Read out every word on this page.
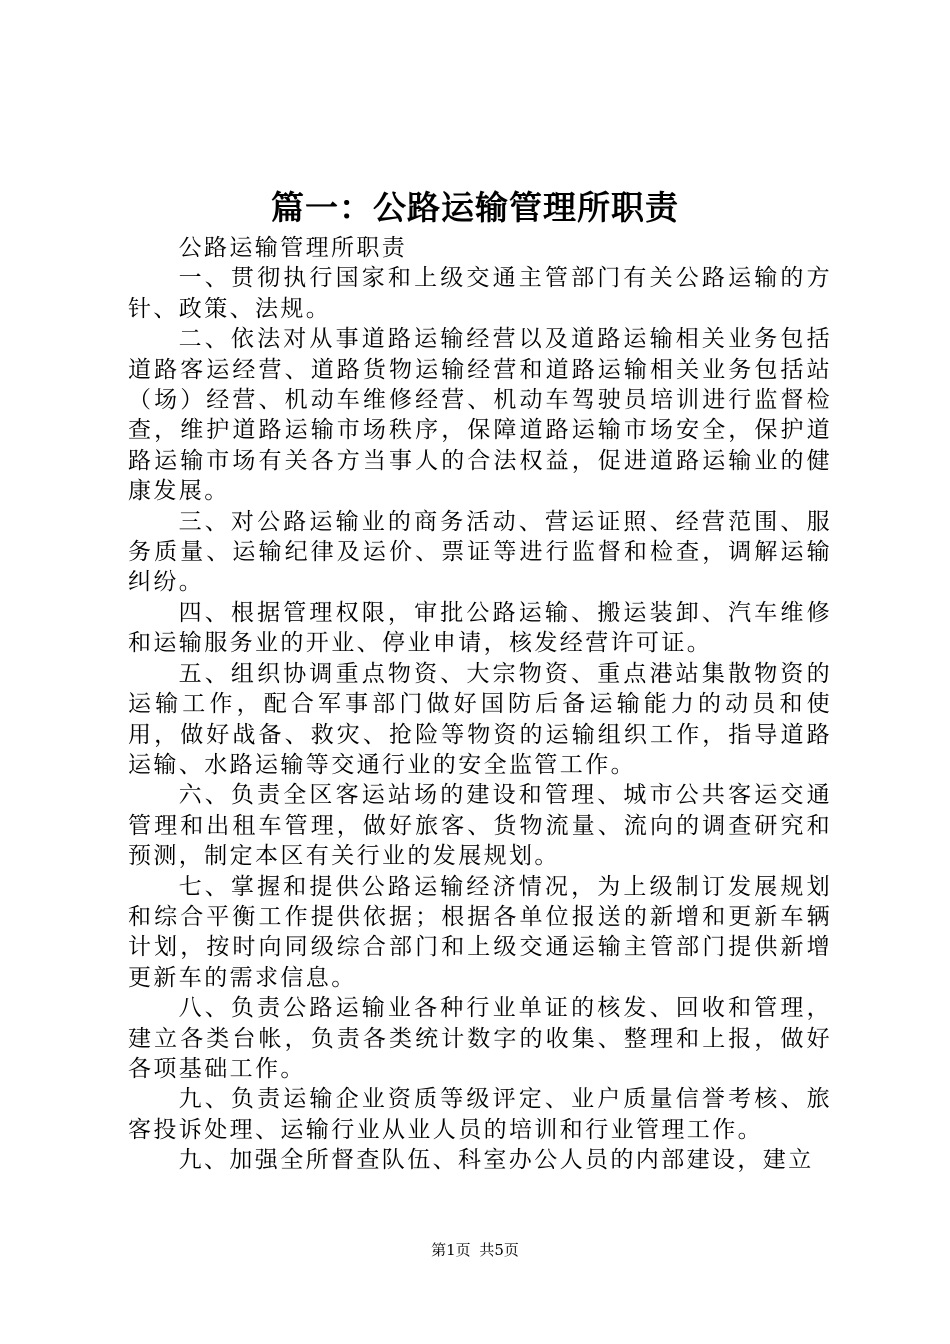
篇一：公路运输管理所职责

公路运输管理所职责

一、贯彻执行国家和上级交通主管部门有关公路运输的方针、政策、法规。

二、依法对从事道路运输经营以及道路运输相关业务包括道路客运经营、道路货物运输经营和道路运输相关业务包括站（场）经营、机动车维修经营、机动车驾驶员培训进行监督检查，维护道路运输市场秩序，保障道路运输市场安全，保护道路运输市场有关各方当事人的合法权益，促进道路运输业的健康发展。

三、对公路运输业的商务活动、营运证照、经营范围、服务质量、运输纪律及运价、票证等进行监督和检查，调解运输纠纷。

四、根据管理权限，审批公路运输、搬运装卸、汽车维修和运输服务业的开业、停业申请，核发经营许可证。

五、组织协调重点物资、大宗物资、重点港站集散物资的运输工作，配合军事部门做好国防后备运输能力的动员和使用，做好战备、救灾、抢险等物资的运输组织工作，指导道路运输、水路运输等交通行业的安全监管工作。

六、负责全区客运站场的建设和管理、城市公共客运交通管理和出租车管理，做好旅客、货物流量、流向的调查研究和预测，制定本区有关行业的发展规划。

七、掌握和提供公路运输经济情况，为上级制订发展规划和综合平衡工作提供依据；根据各单位报送的新增和更新车辆计划，按时向同级综合部门和上级交通运输主管部门提供新增更新车的需求信息。

八、负责公路运输业各种行业单证的核发、回收和管理，建立各类台帐，负责各类统计数字的收集、整理和上报，做好各项基础工作。

九、负责运输企业资质等级评定、业户质量信誉考核、旅客投诉处理、运输行业从业人员的培训和行业管理工作。

九、加强全所督查队伍、科室办公人员的内部建设，建立

第1页 共5页
